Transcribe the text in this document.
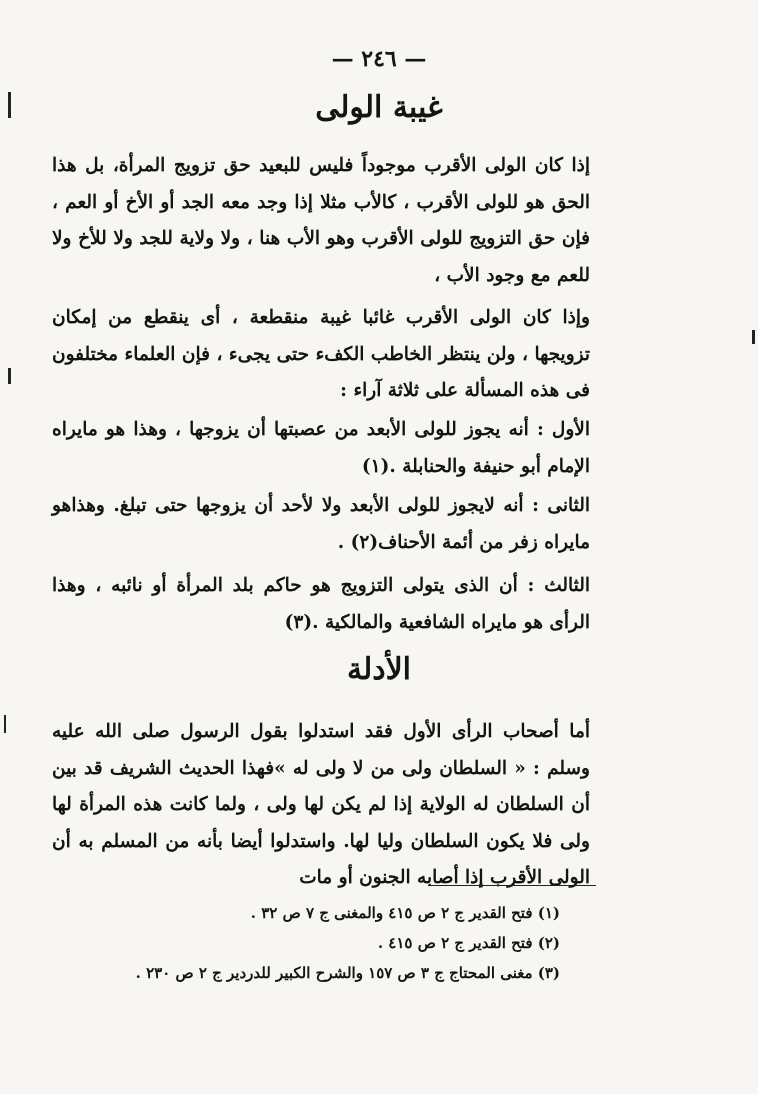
— ٢٤٦ —
غيبة الولى

إذا كان الولى الأقرب موجوداً فليس للبعيد حق تزويج المرأة، بل هذا الحق هو للولى الأقرب ، كالأب مثلا إذا وجد معه الجد أو الأخ أو العم ، فإن حق التزويج للولى الأقرب وهو الأب هنا ، ولا ولاية للجد ولا للأخ ولا للعم مع وجود الأب ،

وإذا كان الولى الأقرب غائبا غيبة منقطعة ، أى ينقطع من إمكان تزويجها ، ولن ينتظر الخاطب الكفء حتى يجىء ، فإن العلماء مختلفون فى هذه المسألة على ثلاثة آراء :

الأول : أنه يجوز للولى الأبعد من عصبتها أن يزوجها ، وهذا هو مايراه الإمام أبو حنيفة والحنابلة .(١)

الثانى : أنه لايجوز للولى الأبعد ولا لأحد أن يزوجها حتى تبلغ. وهذاهو مايراه زفر من أئمة الأحناف(٢) .

الثالث : أن الذى يتولى التزويج هو حاكم بلد المرأة أو نائبه ، وهذا الرأى هو مايراه الشافعية والمالكية .(٣)

الأدلة

أما أصحاب الرأى الأول فقد استدلوا بقول الرسول صلى الله عليه وسلم : « السلطان ولى من لا ولى له »فهذا الحديث الشريف قد بين أن السلطان له الولاية إذا لم يكن لها ولى ، ولما كانت هذه المرأة لها ولى فلا يكون السلطان وليا لها. واستدلوا أيضا بأنه من المسلم به أن الولى الأقرب إذا أصابه الجنون أو مات

(١) فتح القدير ج ٢ ص ٤١٥ والمغنى ج ٧ ص ٣٢ .

(٢) فتح القدير ج ٢ ص ٤١٥ .

(٣) مغنى المحتاج ج ٣ ص ١٥٧ والشرح الكبير للدردير ج ٢ ص ٢٣٠ .
